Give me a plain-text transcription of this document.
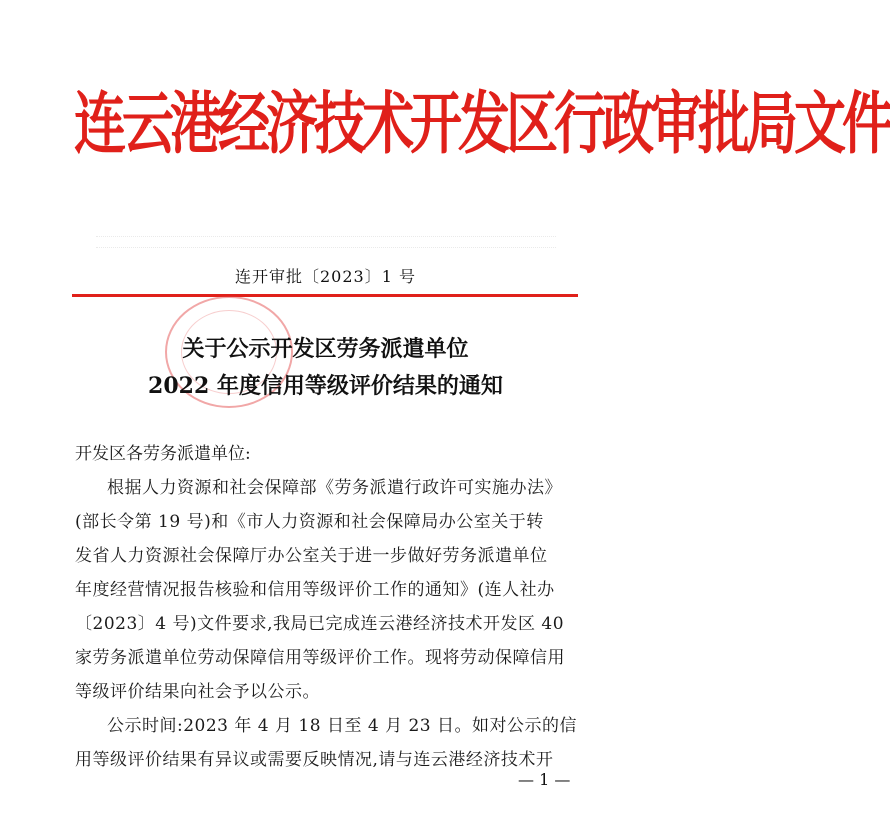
连云港经济技术开发区行政审批局文件
连开审批〔2023〕1 号
关于公示开发区劳务派遣单位
2022 年度信用等级评价结果的通知
开发区各劳务派遣单位:
根据人力资源和社会保障部《劳务派遣行政许可实施办法》
(部长令第 19 号)和《市人力资源和社会保障局办公室关于转
发省人力资源社会保障厅办公室关于进一步做好劳务派遣单位
年度经营情况报告核验和信用等级评价工作的通知》(连人社办
〔2023〕4 号)文件要求,我局已完成连云港经济技术开发区 40
家劳务派遣单位劳动保障信用等级评价工作。现将劳动保障信用
等级评价结果向社会予以公示。
公示时间:2023 年 4 月 18 日至 4 月 23 日。如对公示的信
用等级评价结果有异议或需要反映情况,请与连云港经济技术开
— 1 —
